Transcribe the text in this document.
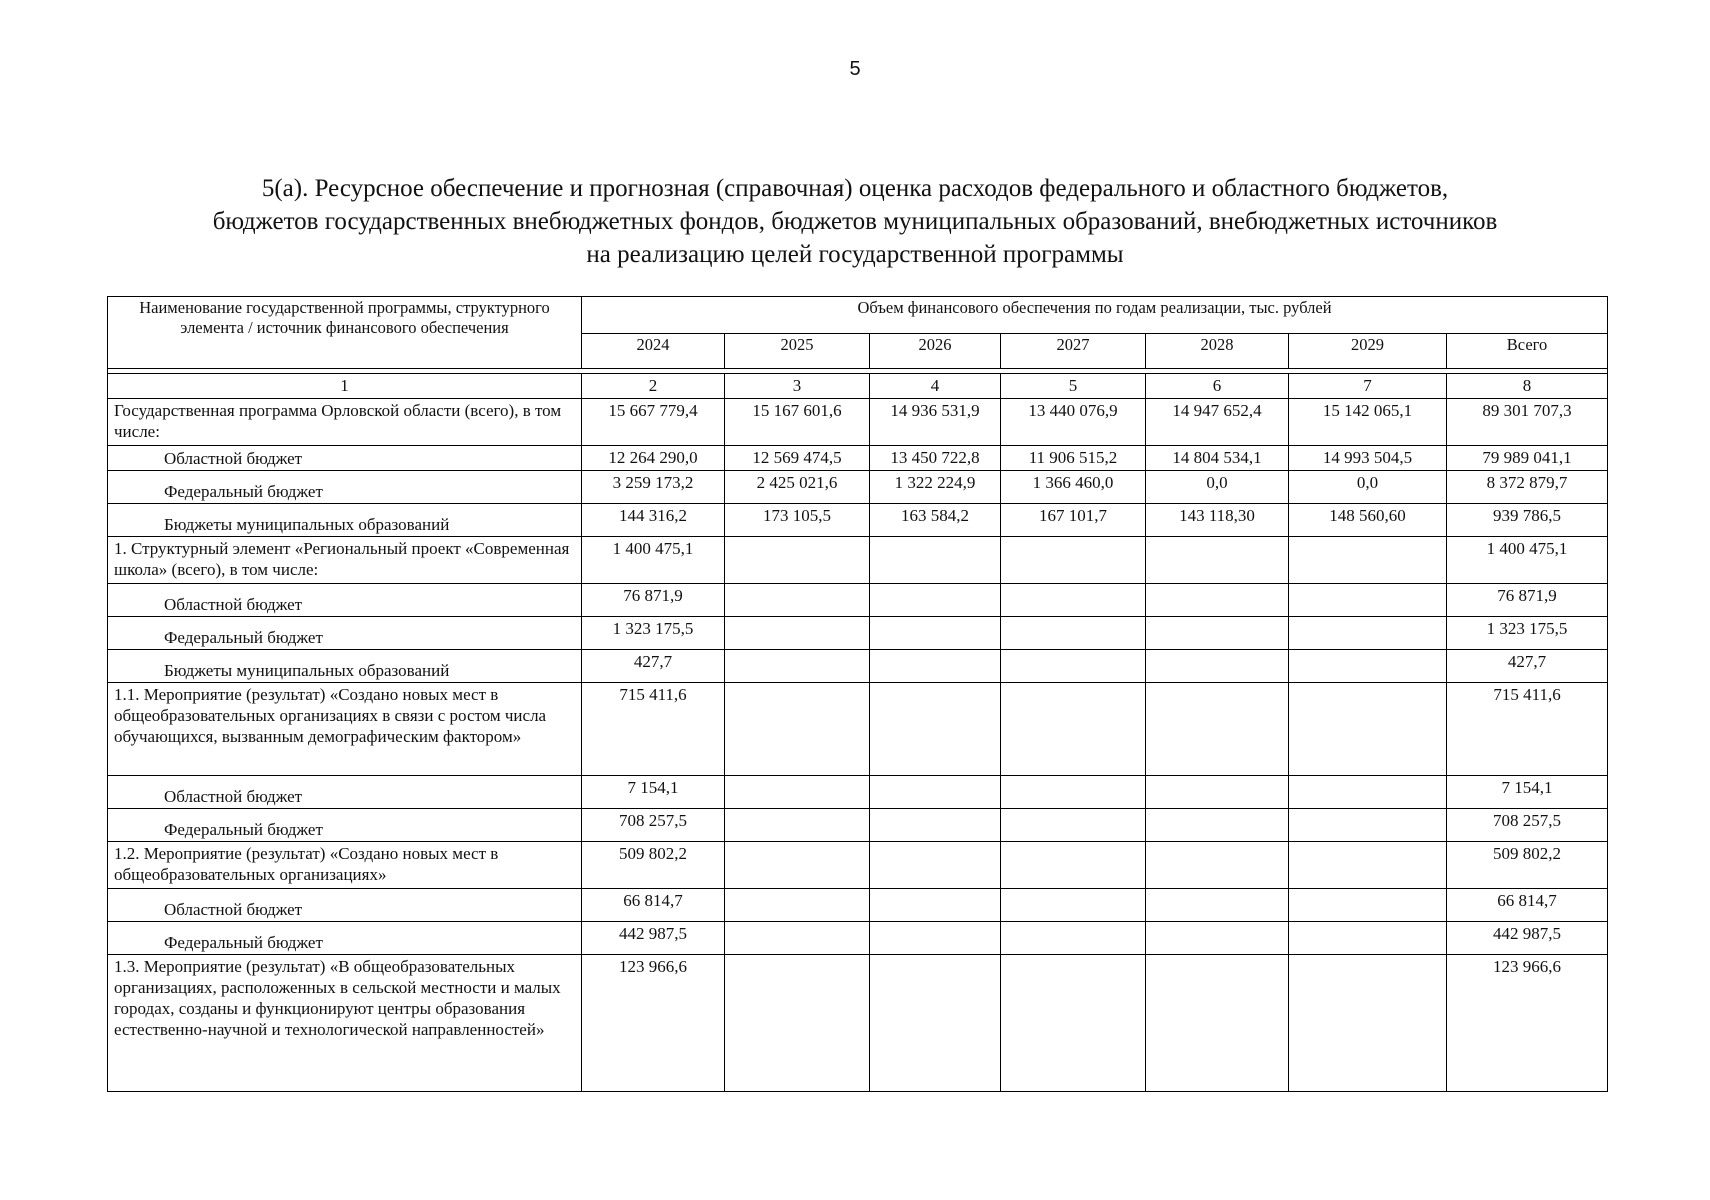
5
5(а). Ресурсное обеспечение и прогнозная (справочная) оценка расходов федерального и областного бюджетов,
бюджетов государственных внебюджетных фондов, бюджетов муниципальных образований, внебюджетных источников
на реализацию целей государственной программы
Наименование государственной программы, структурного элемента / источник финансового обеспечения	Объем финансового обеспечения по годам реализации, тыс. рублей						
	2024	2025	2026	2027	2028	2029	Всего

1	2	3	4	5	6	7	8
Государственная программа Орловской области (всего), в том числе:	15 667 779,4	15 167 601,6	14 936 531,9	13 440 076,9	14 947 652,4	15 142 065,1	89 301 707,3
Областной бюджет	12 264 290,0	12 569 474,5	13 450 722,8	11 906 515,2	14 804 534,1	14 993 504,5	79 989 041,1
Федеральный бюджет	3 259 173,2	2 425 021,6	1 322 224,9	1 366 460,0	0,0	0,0	8 372 879,7
Бюджеты муниципальных образований	144 316,2	173 105,5	163 584,2	167 101,7	143 118,30	148 560,60	939 786,5
1. Структурный элемент «Региональный проект «Современная школа» (всего), в том числе:	1 400 475,1						1 400 475,1
Областной бюджет	76 871,9						76 871,9
Федеральный бюджет	1 323 175,5						1 323 175,5
Бюджеты муниципальных образований	427,7						427,7
1.1. Мероприятие (результат) «Создано новых мест в общеобразовательных организациях в связи с ростом числа обучающихся, вызванным демографическим фактором»	715 411,6						715 411,6
Областной бюджет	7 154,1						7 154,1
Федеральный бюджет	708 257,5						708 257,5
1.2. Мероприятие (результат) «Создано новых мест в общеобразовательных организациях»	509 802,2						509 802,2
Областной бюджет	66 814,7						66 814,7
Федеральный бюджет	442 987,5						442 987,5
1.3. Мероприятие (результат) «В общеобразовательных организациях, расположенных в сельской местности и малых городах, созданы и функционируют центры образования естественно-научной и технологической направленностей»	123 966,6						123 966,6
